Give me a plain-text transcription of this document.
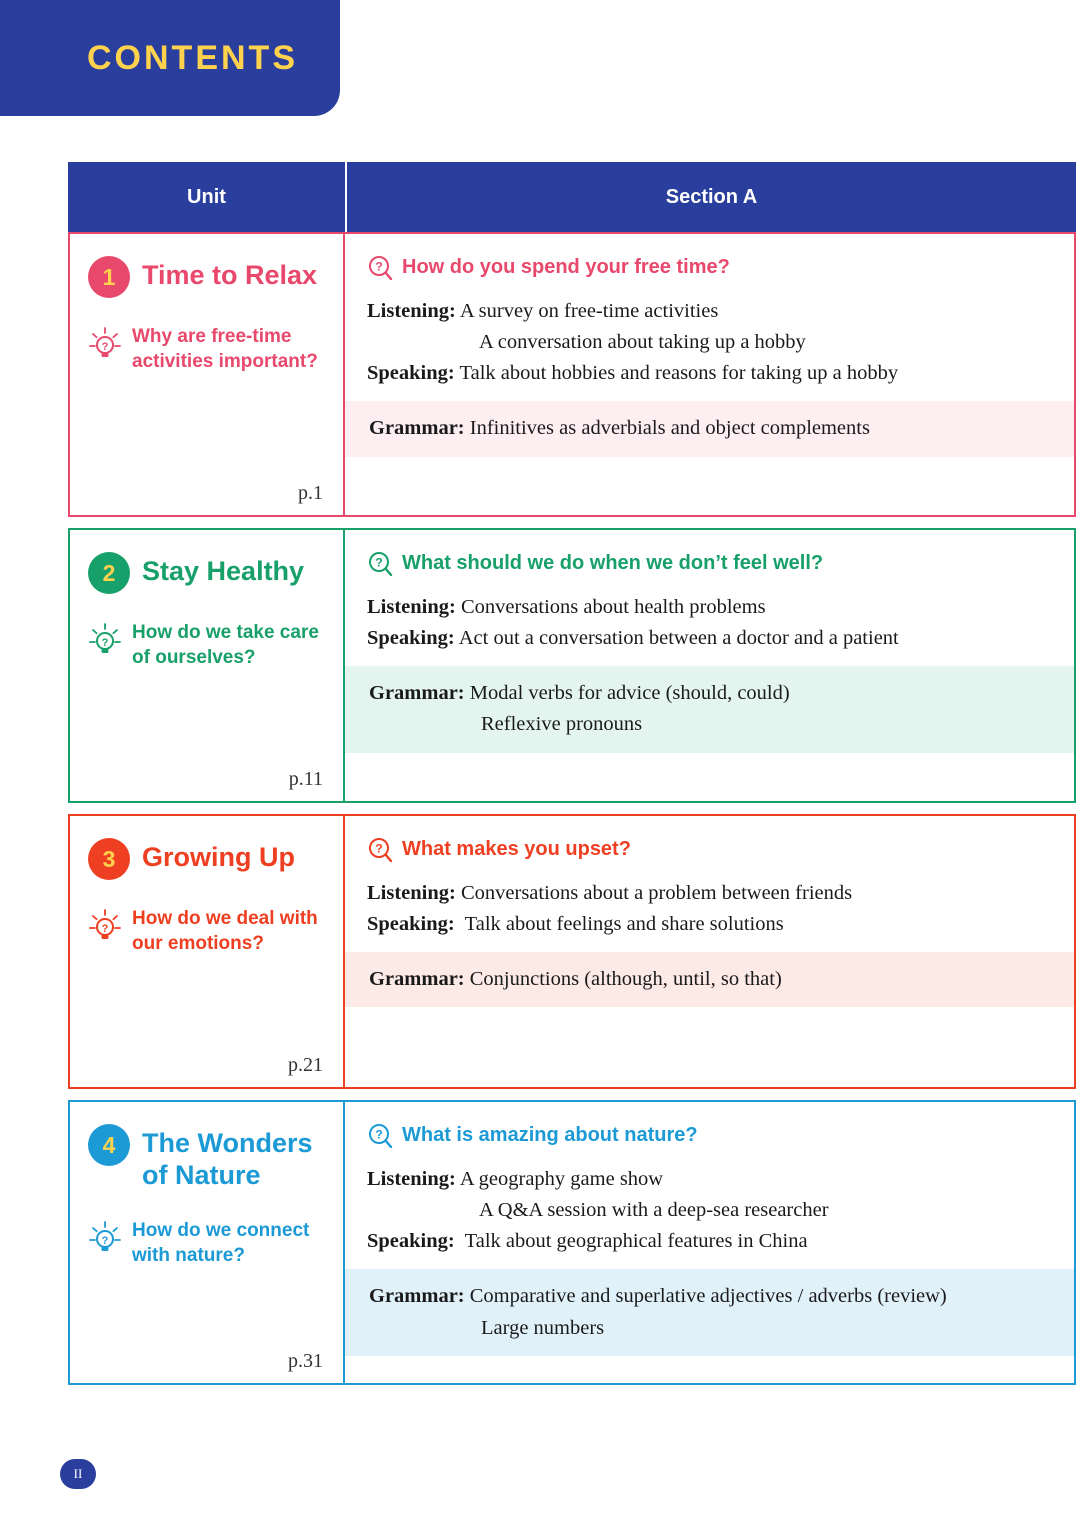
CONTENTS
Unit	Section A
1 Time to Relax
? Why are free-time activities important?
p.1
? How do you spend your free time?
Listening: A survey on free-time activities
A conversation about taking up a hobby
Speaking: Talk about hobbies and reasons for taking up a hobby
Grammar: Infinitives as adverbials and object complements
2 Stay Healthy
? How do we take care of ourselves?
p.11
? What should we do when we don’t feel well?
Listening: Conversations about health problems
Speaking: Act out a conversation between a doctor and a patient
Grammar: Modal verbs for advice (should, could)
Reflexive pronouns
3 Growing Up
? How do we deal with our emotions?
p.21
? What makes you upset?
Listening: Conversations about a problem between friends
Speaking: Talk about feelings and share solutions
Grammar: Conjunctions (although, until, so that)
4 The Wonders of Nature
? How do we connect with nature?
p.31
? What is amazing about nature?
Listening: A geography game show
A Q&A session with a deep-sea researcher
Speaking: Talk about geographical features in China
Grammar: Comparative and superlative adjectives / adverbs (review)
Large numbers
II
